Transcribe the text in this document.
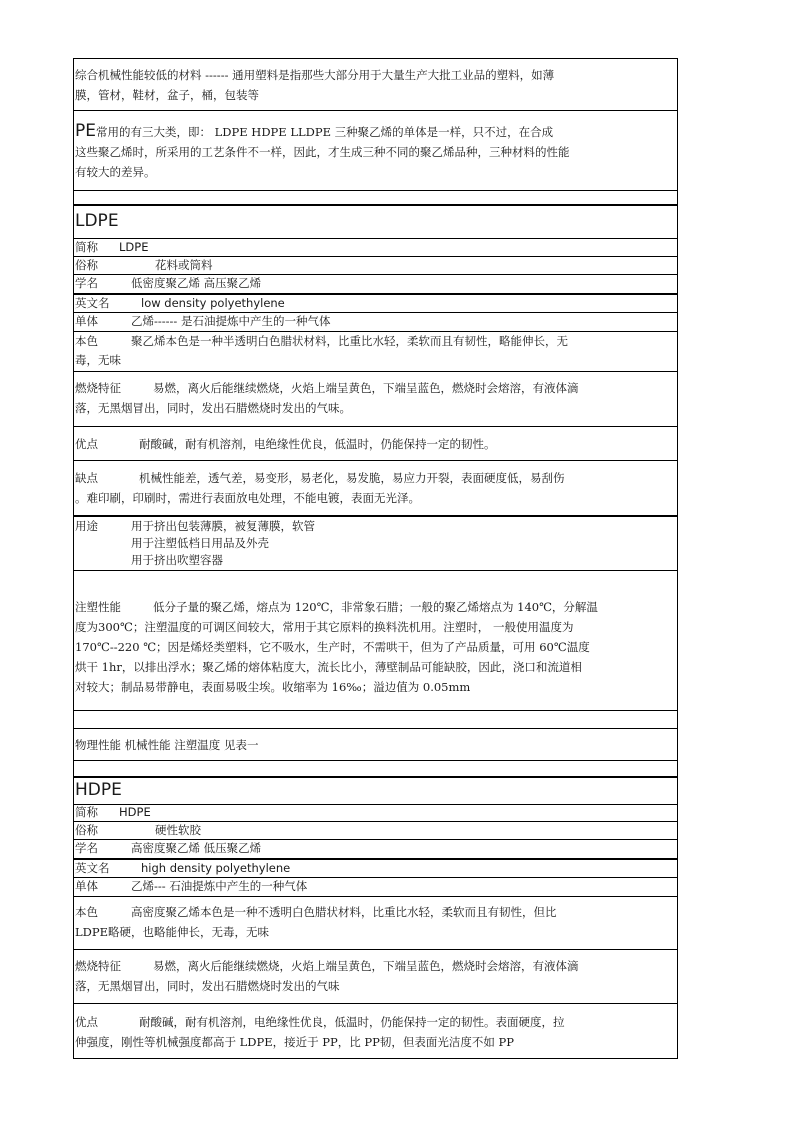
综合机械性能较低的材料 ------ 通用塑料是指那些大部分用于大量生产大批工业品的塑料，如薄
膜，管材，鞋材，盆子，桶，包装等
PE常用的有三大类，即： LDPE HDPE LLDPE 三种聚乙烯的单体是一样，只不过，在合成
这些聚乙烯时，所采用的工艺条件不一样，因此，才生成三种不同的聚乙烯品种，三种材料的性能
有较大的差异。
LDPE
简称 LDPE
俗称	花料或筒料
学名	低密度聚乙烯 高压聚乙烯
英文名	low density polyethylene
单体	乙烯------ 是石油提炼中产生的一种气体
本色	聚乙烯本色是一种半透明白色腊状材料，比重比水轻，柔软而且有韧性，略能伸长，无
毒，无味
燃烧特征	易燃，离火后能继续燃烧，火焰上端呈黄色，下端呈蓝色，燃烧时会熔溶，有液体滴
落，无黑烟冒出，同时，发出石腊燃烧时发出的气味。
优点	耐酸碱，耐有机溶剂，电绝缘性优良，低温时，仍能保持一定的韧性。
缺点	机械性能差，透气差，易变形，易老化，易发脆，易应力开裂，表面硬度低，易刮伤
。难印刷，印刷时，需进行表面放电处理，不能电镀，表面无光泽。
用途	用于挤出包装薄膜，被复薄膜，软管
用于注塑低档日用品及外壳
用于挤出吹塑容器
注塑性能	低分子量的聚乙烯，熔点为 120℃，非常象石腊；一般的聚乙烯熔点为 140℃，分解温
度为300℃；注塑温度的可调区间较大，常用于其它原料的换料洗机用。注塑时， 一般使用温度为
170℃--220 ℃；因是烯烃类塑料，它不吸水，生产时，不需哄干，但为了产品质量，可用 60℃温度
烘干 1hr，以排出浮水；聚乙烯的熔体粘度大，流长比小，薄壁制品可能缺胶，因此，浇口和流道相
对较大；制品易带静电，表面易吸尘埃。收缩率为 16‰；溢边值为 0.05mm
物理性能 机械性能 注塑温度 见表一
HDPE
简称 HDPE
俗称	硬性软胶
学名	高密度聚乙烯 低压聚乙烯
英文名	high density polyethylene
单体	乙烯--- 石油提炼中产生的一种气体
本色	高密度聚乙烯本色是一种不透明白色腊状材料，比重比水轻，柔软而且有韧性，但比
LDPE略硬，也略能伸长，无毒，无味
燃烧特征	易燃，离火后能继续燃烧，火焰上端呈黄色，下端呈蓝色，燃烧时会熔溶，有液体滴
落，无黑烟冒出，同时，发出石腊燃烧时发出的气味
优点	耐酸碱，耐有机溶剂，电绝缘性优良，低温时，仍能保持一定的韧性。表面硬度，拉
伸强度，刚性等机械强度都高于 LDPE，接近于 PP，比 PP韧，但表面光洁度不如 PP
